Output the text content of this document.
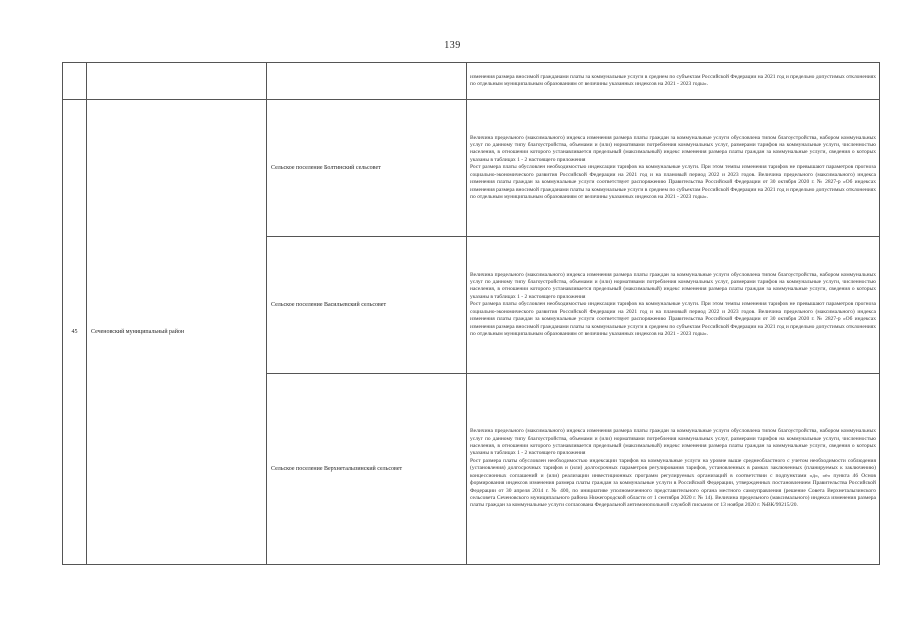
139

			изменения размера вносимой гражданами платы за коммунальные услуги в среднем по субъектам Российской Федерации на 2021 год и предельно допустимых отклонениях по отдельным муниципальным образованиям от величины указанных индексов на 2021 - 2023 годы».

45	Сеченовский муниципальный район	Сельское поселение Болтинский сельсовет	Величина предельного (максимального) индекса изменения размера платы граждан за коммунальные услуги обусловлена типом благоустройства, набором коммунальных услуг по данному типу благоустройства, объемами и (или) нормативами потребления коммунальных услуг, размерами тарифов на коммунальные услуги, численностью населения, в отношении которого устанавливается предельный (максимальный) индекс изменения размера платы граждан за коммунальные услуги, сведения о которых указаны в таблицах 1 - 2 настоящего приложения

Рост размера платы обусловлен необходимостью индексации тарифов на коммунальные услуги. При этом темпы изменения тарифов не превышают параметров прогноза социально-экономического развития Российской Федерации на 2021 год и на плановый период 2022 и 2023 годов. Величина предельного (максимального) индекса изменения платы граждан за коммунальные услуги соответствует распоряжению Правительства Российской Федерации от 30 октября 2020 г. № 2827-р «Об индексах изменения размера вносимой гражданами платы за коммунальные услуги в среднем по субъектам Российской Федерации на 2021 год и предельно допустимых отклонениях по отдельным муниципальным образованиям от величины указанных индексов на 2021 - 2023 годы».

		Сельское поселение Васильевский сельсовет	Величина предельного (максимального) индекса изменения размера платы граждан за коммунальные услуги обусловлена типом благоустройства, набором коммунальных услуг по данному типу благоустройства, объемами и (или) нормативами потребления коммунальных услуг, размерами тарифов на коммунальные услуги, численностью населения, в отношении которого устанавливается предельный (максимальный) индекс изменения размера платы граждан за коммунальные услуги, сведения о которых указаны в таблицах 1 - 2 настоящего приложения

Рост размера платы обусловлен необходимостью индексации тарифов на коммунальные услуги. При этом темпы изменения тарифов не превышают параметров прогноза социально-экономического развития Российской Федерации на 2021 год и на плановый период 2022 и 2023 годов. Величина предельного (максимального) индекса изменения платы граждан за коммунальные услуги соответствует распоряжению Правительства Российской Федерации от 30 октября 2020 г. № 2827-р «Об индексах изменения размера вносимой гражданами платы за коммунальные услуги в среднем по субъектам Российской Федерации на 2021 год и предельно допустимых отклонениях по отдельным муниципальным образованиям от величины указанных индексов на 2021 - 2023 годы».

		Сельское поселение Верхнеталызинский сельсовет	Величина предельного (максимального) индекса изменения размера платы граждан за коммунальные услуги обусловлена типом благоустройства, набором коммунальных услуг по данному типу благоустройства, объемами и (или) нормативами потребления коммунальных услуг, размерами тарифов на коммунальные услуги, численностью населения, в отношении которого устанавливается предельный (максимальный) индекс изменения размера платы граждан за коммунальные услуги, сведения о которых указаны в таблицах 1 - 2 настоящего приложения

Рост размера платы обусловлен необходимостью индексации тарифов на коммунальные услуги на уровне выше среднеобластного с учетом необходимости соблюдения (установления) долгосрочных тарифов и (или) долгосрочных параметров регулирования тарифов, установленных в рамках заключенных (планируемых к заключению) концессионных соглашений и (или) реализации инвестиционных программ регулируемых организаций в соответствии с подпунктами «д», «е» пункта 46 Основ формирования индексов изменения размера платы граждан за коммунальные услуги в Российской Федерации, утвержденных постановлением Правительства Российской Федерации от 30 апреля 2014 г. № 400, по инициативе уполномоченного представительного органа местного самоуправления (решение Совета Верхнеталызинского сельсовета Сеченовского муниципального района Нижегородской области от 1 сентября 2020 г. № 14). Величина предельного (максимального) индекса изменения размера платы граждан за коммунальные услуги согласована Федеральной антимонопольной службой письмом от 13 ноября 2020 г. №ВК/99215/20.
